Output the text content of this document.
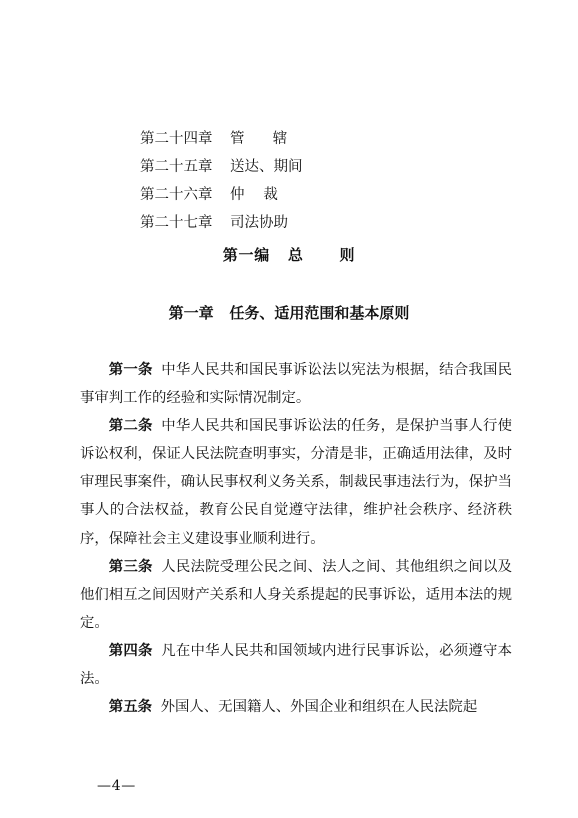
第二十四章	管辖
第二十五章	送达、期间
第二十六章	仲裁
第二十七章	司法协助
第一编   总      则
第一章   任务、适用范围和基本原则

第一条 中华人民共和国民事诉讼法以宪法为根据，结合我国民事审判工作的经验和实际情况制定。

第二条 中华人民共和国民事诉讼法的任务，是保护当事人行使诉讼权利，保证人民法院查明事实，分清是非，正确适用法律，及时审理民事案件，确认民事权利义务关系，制裁民事违法行为，保护当事人的合法权益，教育公民自觉遵守法律，维护社会秩序、经济秩序，保障社会主义建设事业顺利进行。

第三条 人民法院受理公民之间、法人之间、其他组织之间以及他们相互之间因财产关系和人身关系提起的民事诉讼，适用本法的规定。

第四条 凡在中华人民共和国领域内进行民事诉讼，必须遵守本法。

第五条 外国人、无国籍人、外国企业和组织在人民法院起

—4—
